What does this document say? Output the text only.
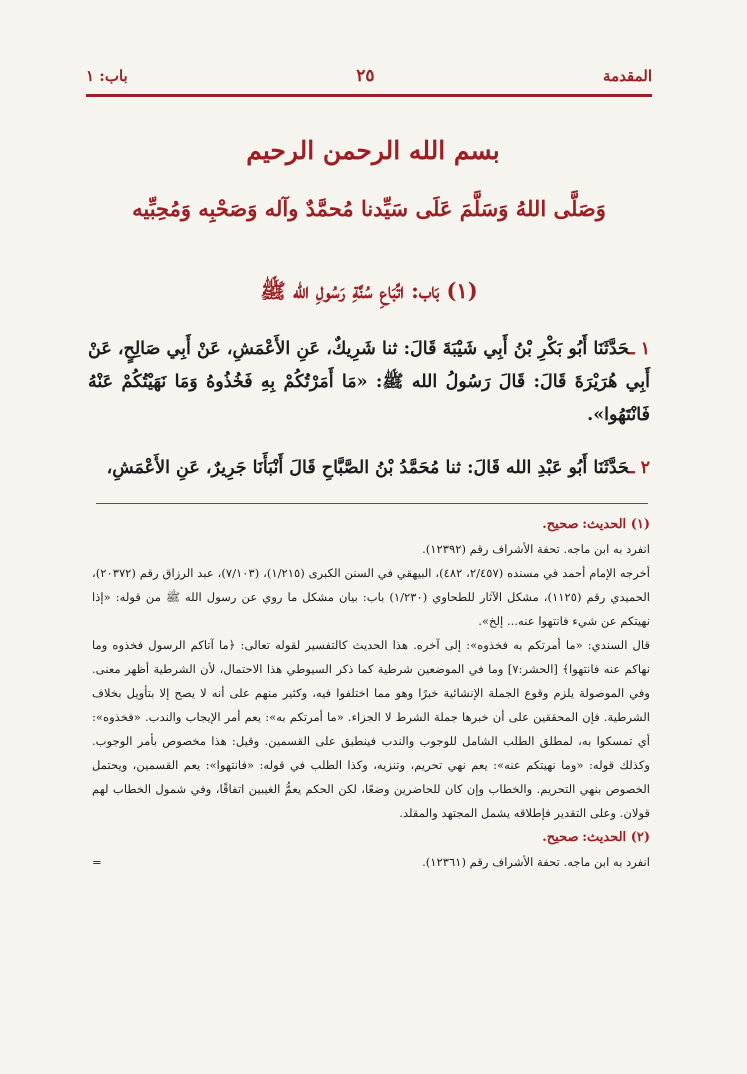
المقدمة
٢٥
باب: ١
بسم الله الرحمن الرحيم
وَصَلَّى اللهُ وَسَلَّمَ عَلَى سَيِّدنا مُحمَّدٌ وآله وَصَحْبِه وَمُحِبِّيه
(١) بَاب: اتِّبَاعِ سُنَّةِ رَسُولِ الله ﷺ
١ ـحَدَّثَنَا أَبُو بَكْرِ بْنُ أَبِي شَيْبَةَ قَالَ: ثنا شَرِيكٌ، عَنِ الأَعْمَشِ، عَنْ أَبِي صَالِحٍ، عَنْ أَبِي هُرَيْرَةَ قَالَ: قَالَ رَسُولُ الله ﷺ: «مَا أَمَرْتُكُمْ بِهِ فَخُذُوهُ وَمَا نَهَيْتُكُمْ عَنْهُ فَانْتَهُوا».
٢ ـحَدَّثَنَا أَبُو عَبْدِ الله قَالَ: ثنا مُحَمَّدُ بْنُ الصَّبَّاحِ قَالَ أَنْبَأَنَا جَرِيرٌ، عَنِ الأَعْمَشِ،

(١) الحديث: صحيح.

انفرد به ابن ماجه. تحفة الأشراف رقم (١٢٣٩٢).

أخرجه الإمام أحمد في مسنده (٢/٤٥٧، ٤٨٢)، البيهقي في السنن الكبرى (١/٢١٥)، (٧/١٠٣)، عبد الرزاق رقم (٢٠٣٧٢)، الحميدي رقم (١١٢٥)، مشكل الآثار للطحاوي (١/٢٣٠) باب: بيان مشكل ما روي عن رسول الله ﷺ من قوله: «إذا نهيتكم عن شيء فانتهوا عنه... إلخ».

قال السندي: «ما أمرتكم به فخذوه»: إلى آخره. هذا الحديث كالتفسير لقوله تعالى: ﴿ما آتاكم الرسول فخذوه وما نهاكم عنه فانتهوا﴾ [الحشر:٧] وما في الموضعين شرطية كما ذكر السيوطي هذا الاحتمال، لأن الشرطية أظهر معنى. وفي الموصولة يلزم وقوع الجملة الإنشائية خبرًا وهو مما اختلفوا فيه، وكثير منهم على أنه لا يصح إلا بتأويل بخلاف الشرطية. فإن المحققين على أن خبرها جملة الشرط لا الجزاء. «ما أمرتكم به»: يعم أمر الإيجاب والندب. «فخذوه»: أي تمسكوا به، لمطلق الطلب الشامل للوجوب والندب فينطبق على القسمين. وقيل: هذا مخصوص بأمر الوجوب. وكذلك قوله: «وما نهيتكم عنه»: يعم نهي تحريم، وتنزيه، وكذا الطلب في قوله: «فانتهوا»: يعم القسمين، ويحتمل الخصوص بنهي التحريم. والخطاب وإن كان للحاضرين وضعًا، لكن الحكم يعمُّ الغيبين اتفاقًا، وفي شمول الخطاب لهم قولان. وعلى التقدير فإطلاقه يشمل المجتهد والمقلد.

(٢) الحديث: صحيح.

انفرد به ابن ماجه. تحفة الأشراف رقم (١٢٣٦١).
=
